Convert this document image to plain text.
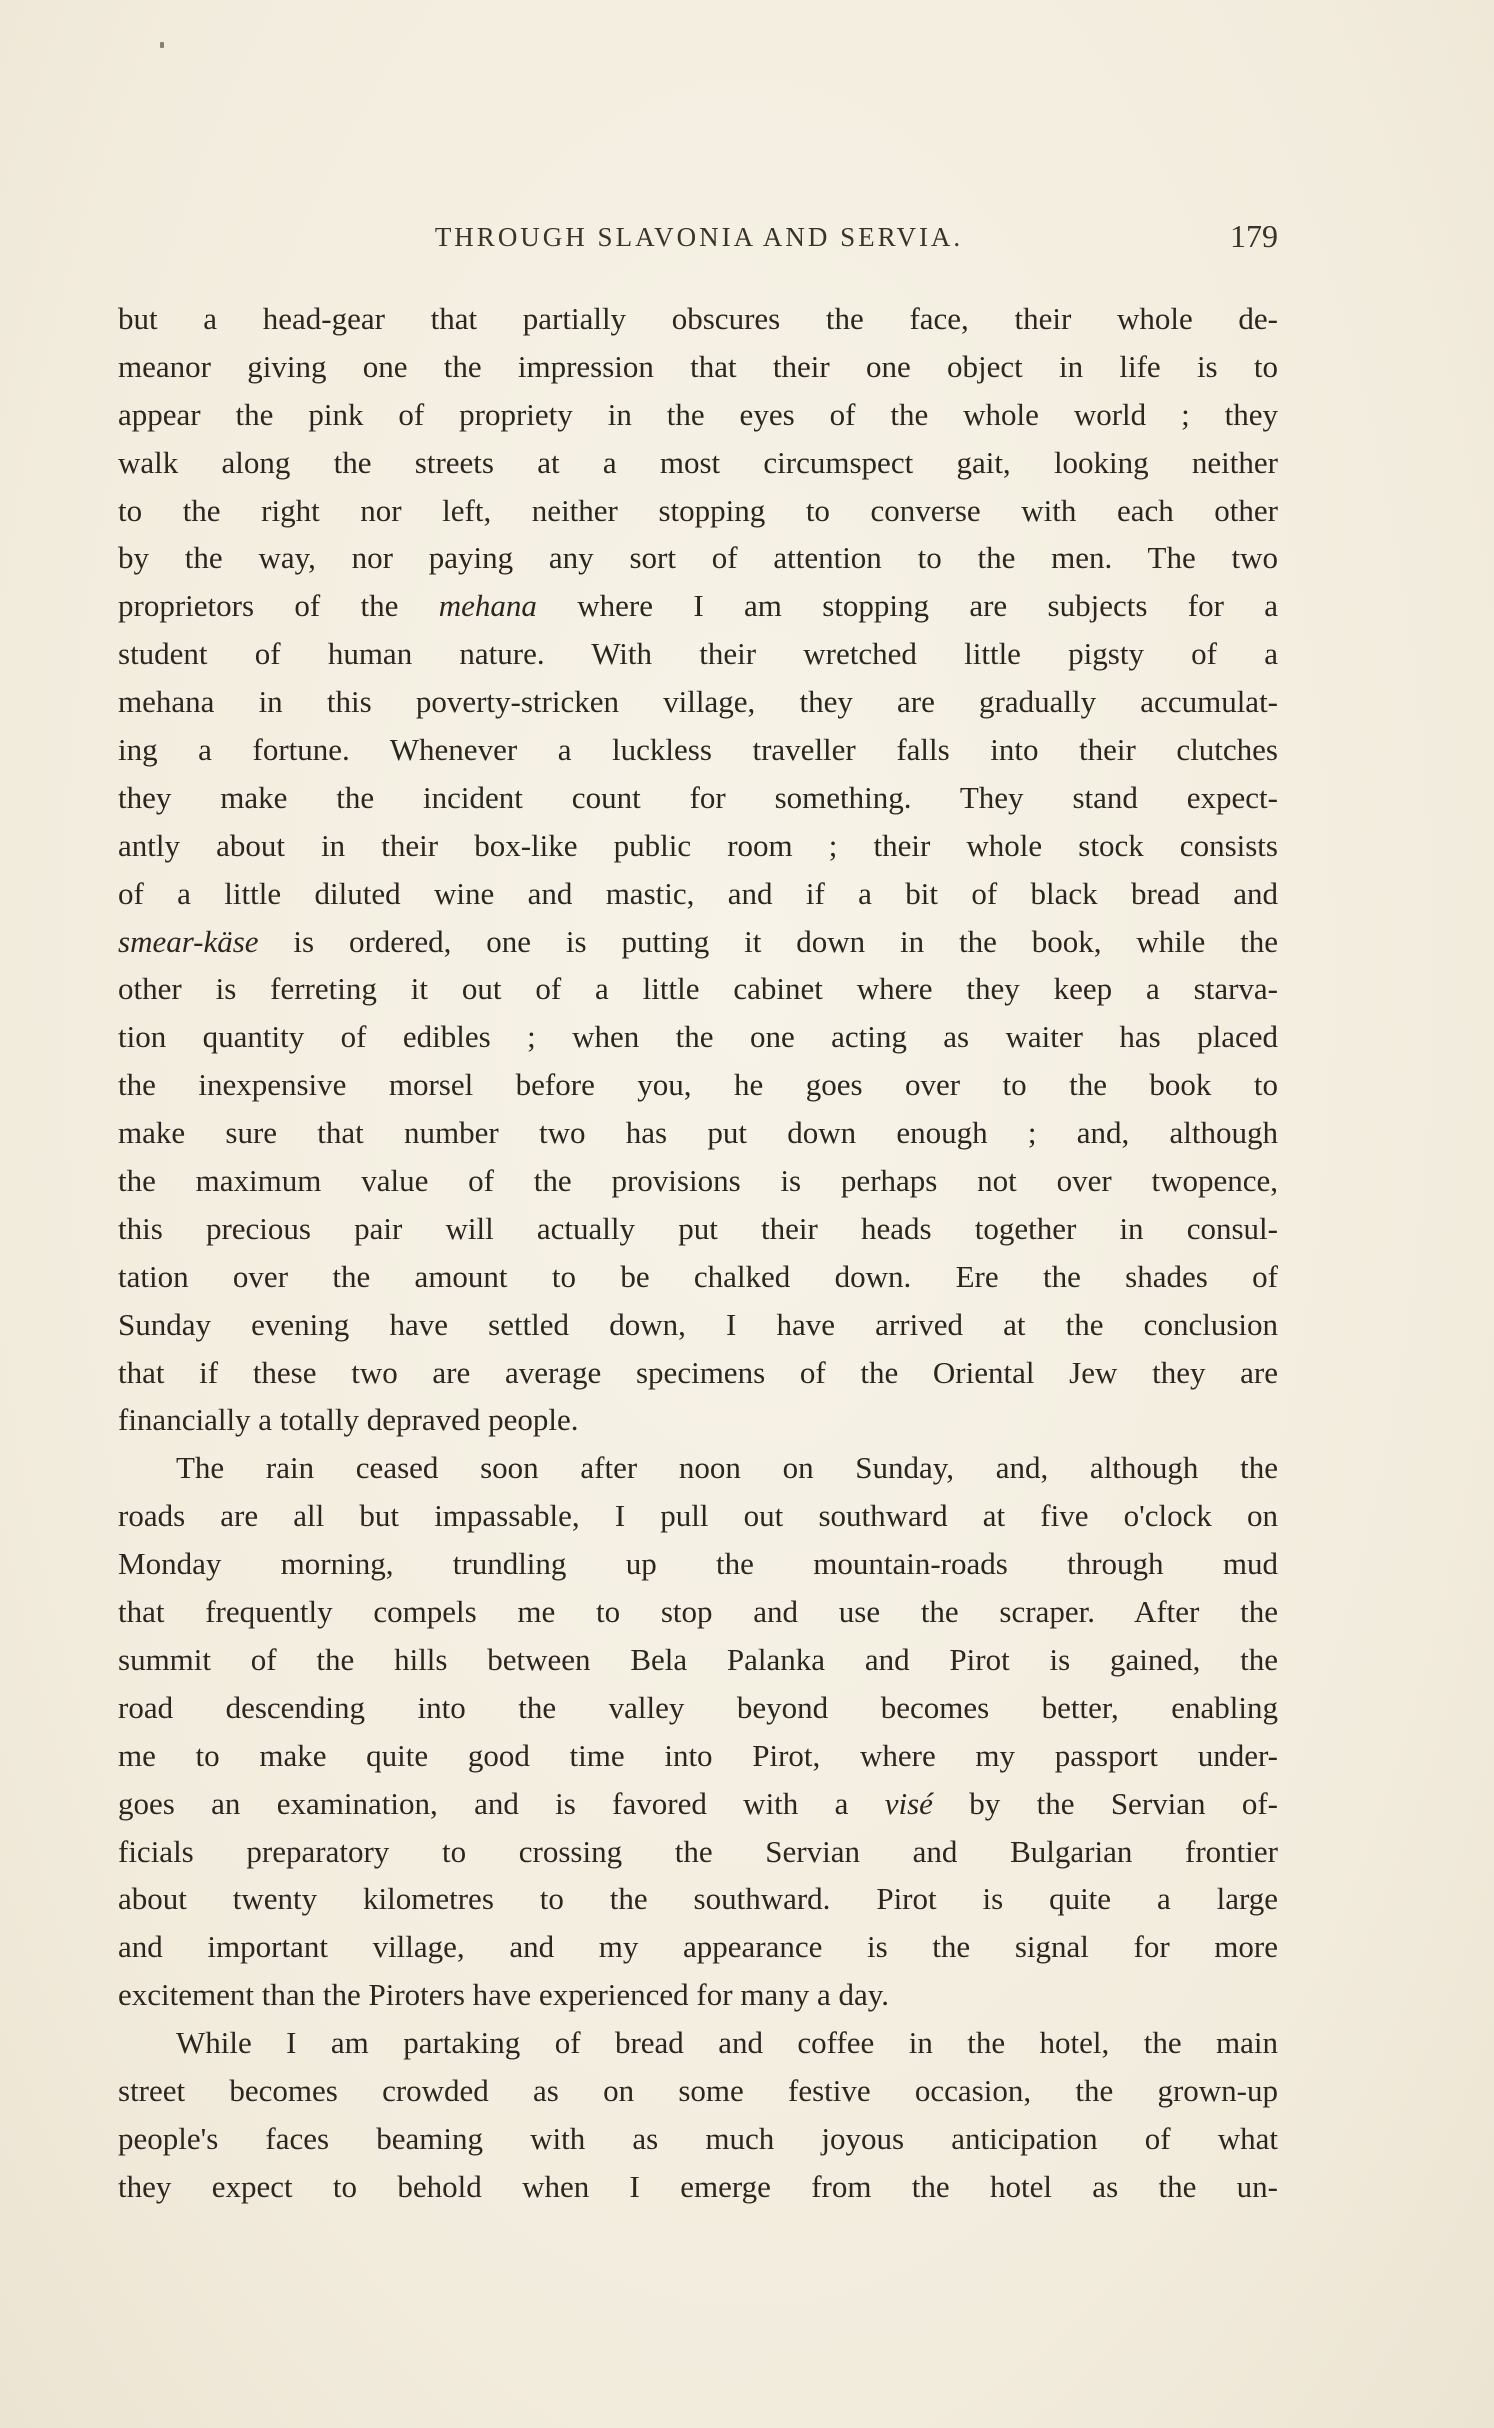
THROUGH SLAVONIA AND SERVIA.	179
but a head-gear that partially obscures the face, their whole de-
meanor giving one the impression that their one object in life is to
appear the pink of propriety in the eyes of the whole world ; they
walk along the streets at a most circumspect gait, looking neither
to the right nor left, neither stopping to converse with each other
by the way, nor paying any sort of attention to the men. The two
proprietors of the mehana where I am stopping are subjects for a
student of human nature. With their wretched little pigsty of a
mehana in this poverty-stricken village, they are gradually accumulat-
ing a fortune. Whenever a luckless traveller falls into their clutches
they make the incident count for something. They stand expect-
antly about in their box-like public room ; their whole stock consists
of a little diluted wine and mastic, and if a bit of black bread and
smear-käse is ordered, one is putting it down in the book, while the
other is ferreting it out of a little cabinet where they keep a starva-
tion quantity of edibles ; when the one acting as waiter has placed
the inexpensive morsel before you, he goes over to the book to
make sure that number two has put down enough ; and, although
the maximum value of the provisions is perhaps not over twopence,
this precious pair will actually put their heads together in consul-
tation over the amount to be chalked down. Ere the shades of
Sunday evening have settled down, I have arrived at the conclusion
that if these two are average specimens of the Oriental Jew they are
financially a totally depraved people.
The rain ceased soon after noon on Sunday, and, although the
roads are all but impassable, I pull out southward at five o'clock on
Monday morning, trundling up the mountain-roads through mud
that frequently compels me to stop and use the scraper. After the
summit of the hills between Bela Palanka and Pirot is gained, the
road descending into the valley beyond becomes better, enabling
me to make quite good time into Pirot, where my passport under-
goes an examination, and is favored with a visé by the Servian of-
ficials preparatory to crossing the Servian and Bulgarian frontier
about twenty kilometres to the southward. Pirot is quite a large
and important village, and my appearance is the signal for more
excitement than the Piroters have experienced for many a day.
While I am partaking of bread and coffee in the hotel, the main
street becomes crowded as on some festive occasion, the grown-up
people's faces beaming with as much joyous anticipation of what
they expect to behold when I emerge from the hotel as the un-
